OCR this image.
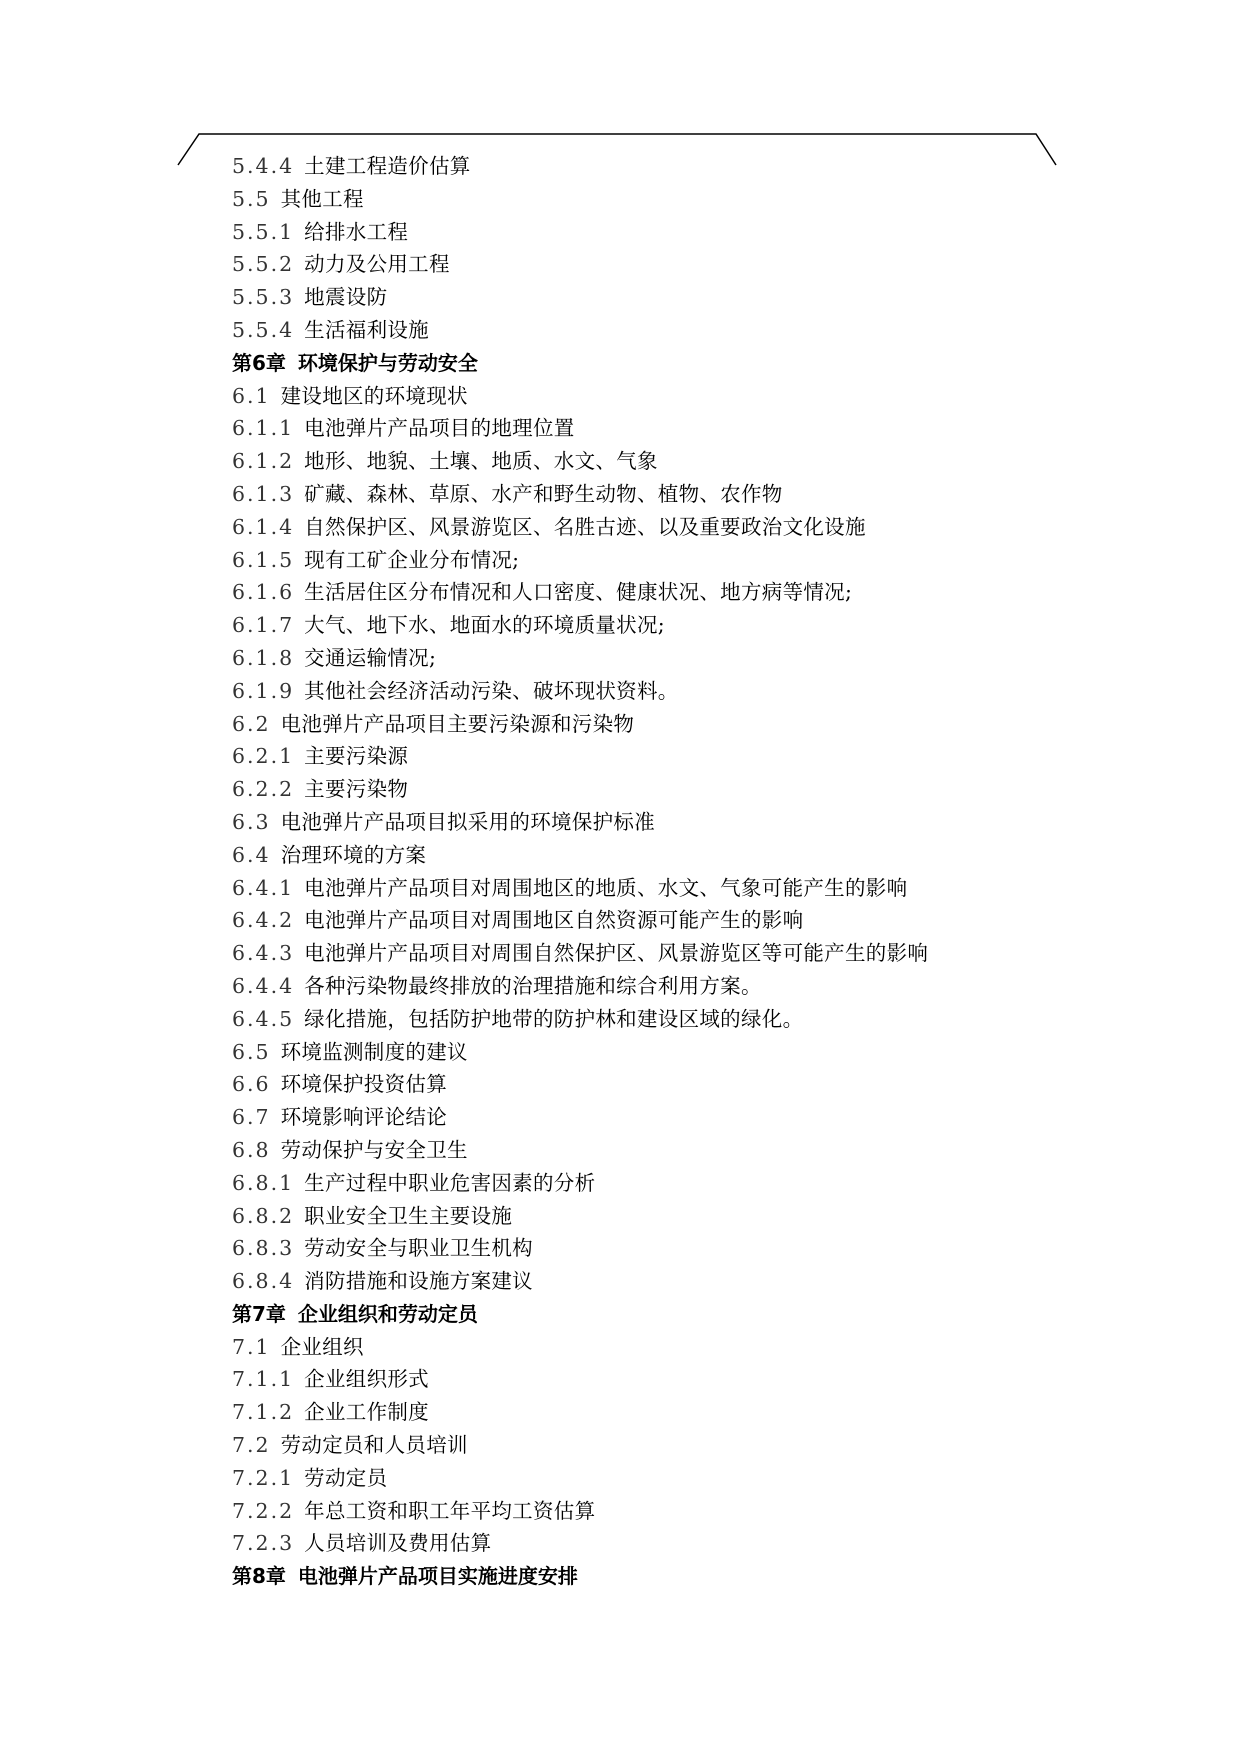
5.4.4 土建工程造价估算
5.5 其他工程
5.5.1 给排水工程
5.5.2 动力及公用工程
5.5.3 地震设防
5.5.4 生活福利设施
第6章 环境保护与劳动安全
6.1 建设地区的环境现状
6.1.1 电池弹片产品项目的地理位置
6.1.2 地形、地貌、土壤、地质、水文、气象
6.1.3 矿藏、森林、草原、水产和野生动物、植物、农作物
6.1.4 自然保护区、风景游览区、名胜古迹、以及重要政治文化设施
6.1.5 现有工矿企业分布情况;
6.1.6 生活居住区分布情况和人口密度、健康状况、地方病等情况;
6.1.7 大气、地下水、地面水的环境质量状况;
6.1.8 交通运输情况;
6.1.9 其他社会经济活动污染、破坏现状资料。
6.2 电池弹片产品项目主要污染源和污染物
6.2.1 主要污染源
6.2.2 主要污染物
6.3 电池弹片产品项目拟采用的环境保护标准
6.4 治理环境的方案
6.4.1 电池弹片产品项目对周围地区的地质、水文、气象可能产生的影响
6.4.2 电池弹片产品项目对周围地区自然资源可能产生的影响
6.4.3 电池弹片产品项目对周围自然保护区、风景游览区等可能产生的影响
6.4.4 各种污染物最终排放的治理措施和综合利用方案。
6.4.5 绿化措施，包括防护地带的防护林和建设区域的绿化。
6.5 环境监测制度的建议
6.6 环境保护投资估算
6.7 环境影响评论结论
6.8 劳动保护与安全卫生
6.8.1 生产过程中职业危害因素的分析
6.8.2 职业安全卫生主要设施
6.8.3 劳动安全与职业卫生机构
6.8.4 消防措施和设施方案建议
第7章 企业组织和劳动定员
7.1 企业组织
7.1.1 企业组织形式
7.1.2 企业工作制度
7.2 劳动定员和人员培训
7.2.1 劳动定员
7.2.2 年总工资和职工年平均工资估算
7.2.3 人员培训及费用估算
第8章 电池弹片产品项目实施进度安排
